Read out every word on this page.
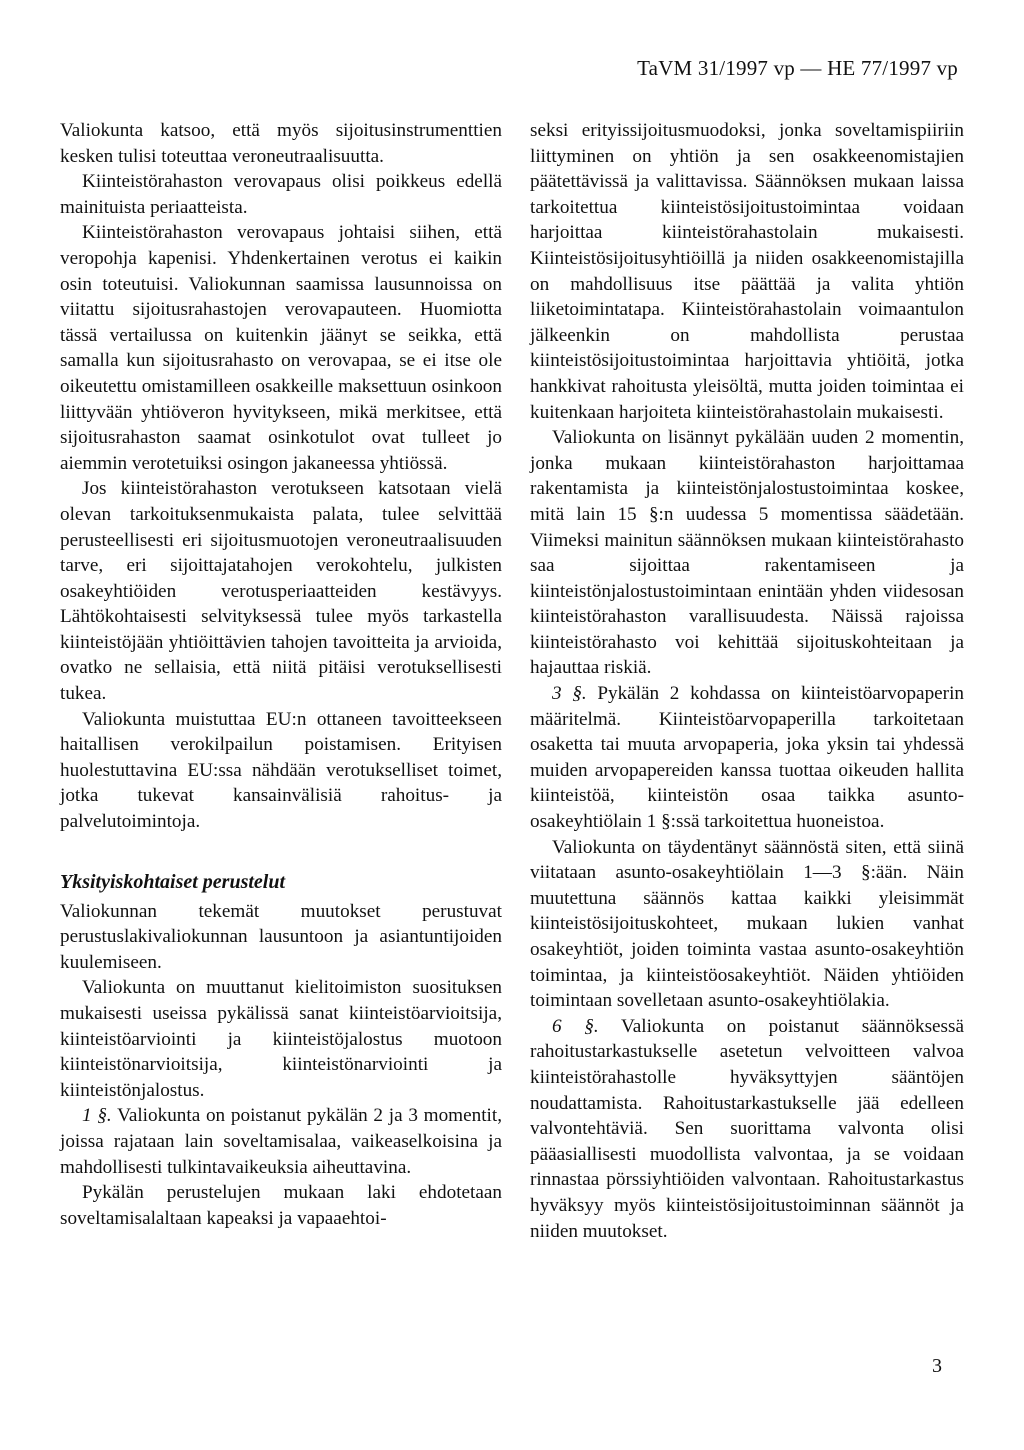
TaVM 31/1997 vp — HE 77/1997 vp

Valiokunta katsoo, että myös sijoitusinstrumenttien kesken tulisi toteuttaa veroneutraalisuutta.

Kiinteistörahaston verovapaus olisi poikkeus edellä mainituista periaatteista.

Kiinteistörahaston verovapaus johtaisi siihen, että veropohja kapenisi. Yhdenkertainen verotus ei kaikin osin toteutuisi. Valiokunnan saamissa lausunnoissa on viitattu sijoitusrahastojen verovapauteen. Huomiotta tässä vertailussa on kuitenkin jäänyt se seikka, että samalla kun sijoitusrahasto on verovapaa, se ei itse ole oikeutettu omistamilleen osakkeille maksettuun osinkoon liittyvään yhtiöveron hyvitykseen, mikä merkitsee, että sijoitusrahaston saamat osinkotulot ovat tulleet jo aiemmin verotetuiksi osingon jakaneessa yhtiössä.

Jos kiinteistörahaston verotukseen katsotaan vielä olevan tarkoituksenmukaista palata, tulee selvittää perusteellisesti eri sijoitusmuotojen veroneutraalisuuden tarve, eri sijoittajatahojen verokohtelu, julkisten osakeyhtiöiden verotusperiaatteiden kestävyys. Lähtökohtaisesti selvityksessä tulee myös tarkastella kiinteistöjään yhtiöittävien tahojen tavoitteita ja arvioida, ovatko ne sellaisia, että niitä pitäisi verotuksellisesti tukea.

Valiokunta muistuttaa EU:n ottaneen tavoitteekseen haitallisen verokilpailun poistamisen. Erityisen huolestuttavina EU:ssa nähdään verotukselliset toimet, jotka tukevat kansainvälisiä rahoitus- ja palvelutoimintoja.

Yksityiskohtaiset perustelut

Valiokunnan tekemät muutokset perustuvat perustuslakivaliokunnan lausuntoon ja asiantuntijoiden kuulemiseen.

Valiokunta on muuttanut kielitoimiston suosituksen mukaisesti useissa pykälissä sanat kiinteistöarvioitsija, kiinteistöarviointi ja kiinteistöjalostus muotoon kiinteistönarvioitsija, kiinteistönarviointi ja kiinteistönjalostus.

1 §. Valiokunta on poistanut pykälän 2 ja 3 momentit, joissa rajataan lain soveltamisalaa, vaikeaselkoisina ja mahdollisesti tulkintavaikeuksia aiheuttavina.

Pykälän perustelujen mukaan laki ehdotetaan soveltamisalaltaan kapeaksi ja vapaaehtoi-

seksi erityissijoitusmuodoksi, jonka soveltamispiiriin liittyminen on yhtiön ja sen osakkeenomistajien päätettävissä ja valittavissa. Säännöksen mukaan laissa tarkoitettua kiinteistösijoitustoimintaa voidaan harjoittaa kiinteistörahastolain mukaisesti. Kiinteistösijoitusyhtiöillä ja niiden osakkeenomistajilla on mahdollisuus itse päättää ja valita yhtiön liiketoimintatapa. Kiinteistörahastolain voimaantulon jälkeenkin on mahdollista perustaa kiinteistösijoitustoimintaa harjoittavia yhtiöitä, jotka hankkivat rahoitusta yleisöltä, mutta joiden toimintaa ei kuitenkaan harjoiteta kiinteistörahastolain mukaisesti.

Valiokunta on lisännyt pykälään uuden 2 momentin, jonka mukaan kiinteistörahaston harjoittamaa rakentamista ja kiinteistönjalostustoimintaa koskee, mitä lain 15 §:n uudessa 5 momentissa säädetään. Viimeksi mainitun säännöksen mukaan kiinteistörahasto saa sijoittaa rakentamiseen ja kiinteistönjalostustoimintaan enintään yhden viidesosan kiinteistörahaston varallisuudesta. Näissä rajoissa kiinteistörahasto voi kehittää sijoituskohteitaan ja hajauttaa riskiä.

3 §. Pykälän 2 kohdassa on kiinteistöarvopaperin määritelmä. Kiinteistöarvopaperilla tarkoitetaan osaketta tai muuta arvopaperia, joka yksin tai yhdessä muiden arvopapereiden kanssa tuottaa oikeuden hallita kiinteistöä, kiinteistön osaa taikka asunto-osakeyhtiölain 1 §:ssä tarkoitettua huoneistoa.

Valiokunta on täydentänyt säännöstä siten, että siinä viitataan asunto-osakeyhtiölain 1—3 §:ään. Näin muutettuna säännös kattaa kaikki yleisimmät kiinteistösijoituskohteet, mukaan lukien vanhat osakeyhtiöt, joiden toiminta vastaa asunto-osakeyhtiön toimintaa, ja kiinteistöosakeyhtiöt. Näiden yhtiöiden toimintaan sovelletaan asunto-osakeyhtiölakia.

6 §. Valiokunta on poistanut säännöksessä rahoitustarkastukselle asetetun velvoitteen valvoa kiinteistörahastolle hyväksyttyjen sääntöjen noudattamista. Rahoitustarkastukselle jää edelleen valvontehtäviä. Sen suorittama valvonta olisi pääasiallisesti muodollista valvontaa, ja se voidaan rinnastaa pörssiyhtiöiden valvontaan. Rahoitustarkastus hyväksyy myös kiinteistösijoitustoiminnan säännöt ja niiden muutokset.

3
